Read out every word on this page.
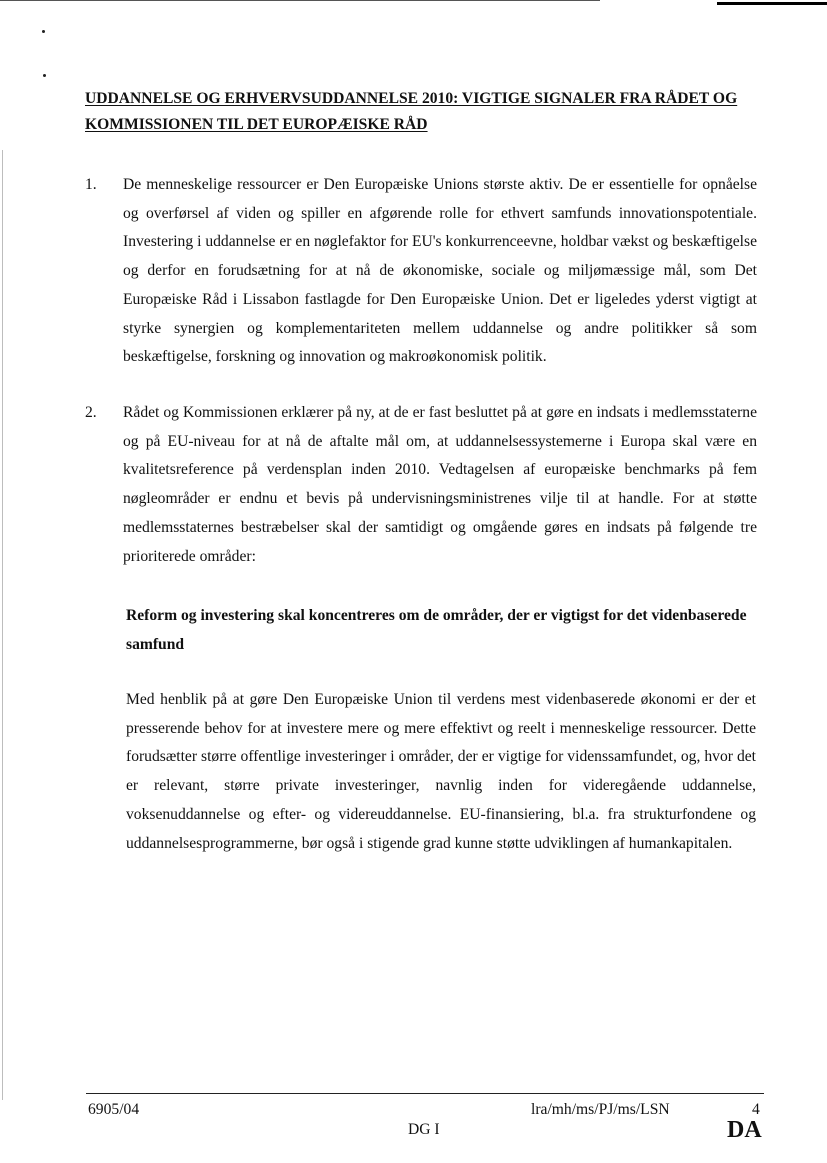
UDDANNELSE OG ERHVERVSUDDANNELSE 2010: VIGTIGE SIGNALER FRA RÅDET OG KOMMISSIONEN TIL DET EUROPÆISKE RÅD
1. De menneskelige ressourcer er Den Europæiske Unions største aktiv. De er essentielle for opnåelse og overførsel af viden og spiller en afgørende rolle for ethvert samfunds innovationspotentiale. Investering i uddannelse er en nøglefaktor for EU's konkurrenceevne, holdbar vækst og beskæftigelse og derfor en forudsætning for at nå de økonomiske, sociale og miljømæssige mål, som Det Europæiske Råd i Lissabon fastlagde for Den Europæiske Union. Det er ligeledes yderst vigtigt at styrke synergien og komplementariteten mellem uddannelse og andre politikker så som beskæftigelse, forskning og innovation og makroøkonomisk politik.
2. Rådet og Kommissionen erklærer på ny, at de er fast besluttet på at gøre en indsats i medlemsstaterne og på EU-niveau for at nå de aftalte mål om, at uddannelsessystemerne i Europa skal være en kvalitetsreference på verdensplan inden 2010. Vedtagelsen af europæiske benchmarks på fem nøgleområder er endnu et bevis på undervisningsministrenes vilje til at handle. For at støtte medlemsstaternes bestræbelser skal der samtidigt og omgående gøres en indsats på følgende tre prioriterede områder:
Reform og investering skal koncentreres om de områder, der er vigtigst for det videnbaserede samfund
Med henblik på at gøre Den Europæiske Union til verdens mest videnbaserede økonomi er der et presserende behov for at investere mere og mere effektivt og reelt i menneskelige ressourcer. Dette forudsætter større offentlige investeringer i områder, der er vigtige for videnssamfundet, og, hvor det er relevant, større private investeringer, navnlig inden for videregående uddannelse, voksenuddannelse og efter- og videreuddannelse. EU-finansiering, bl.a. fra strukturfondene og uddannelsesprogrammerne, bør også i stigende grad kunne støtte udviklingen af humankapitalen.
6905/04
DG I
lra/mh/ms/PJ/ms/LSN	4
DA
